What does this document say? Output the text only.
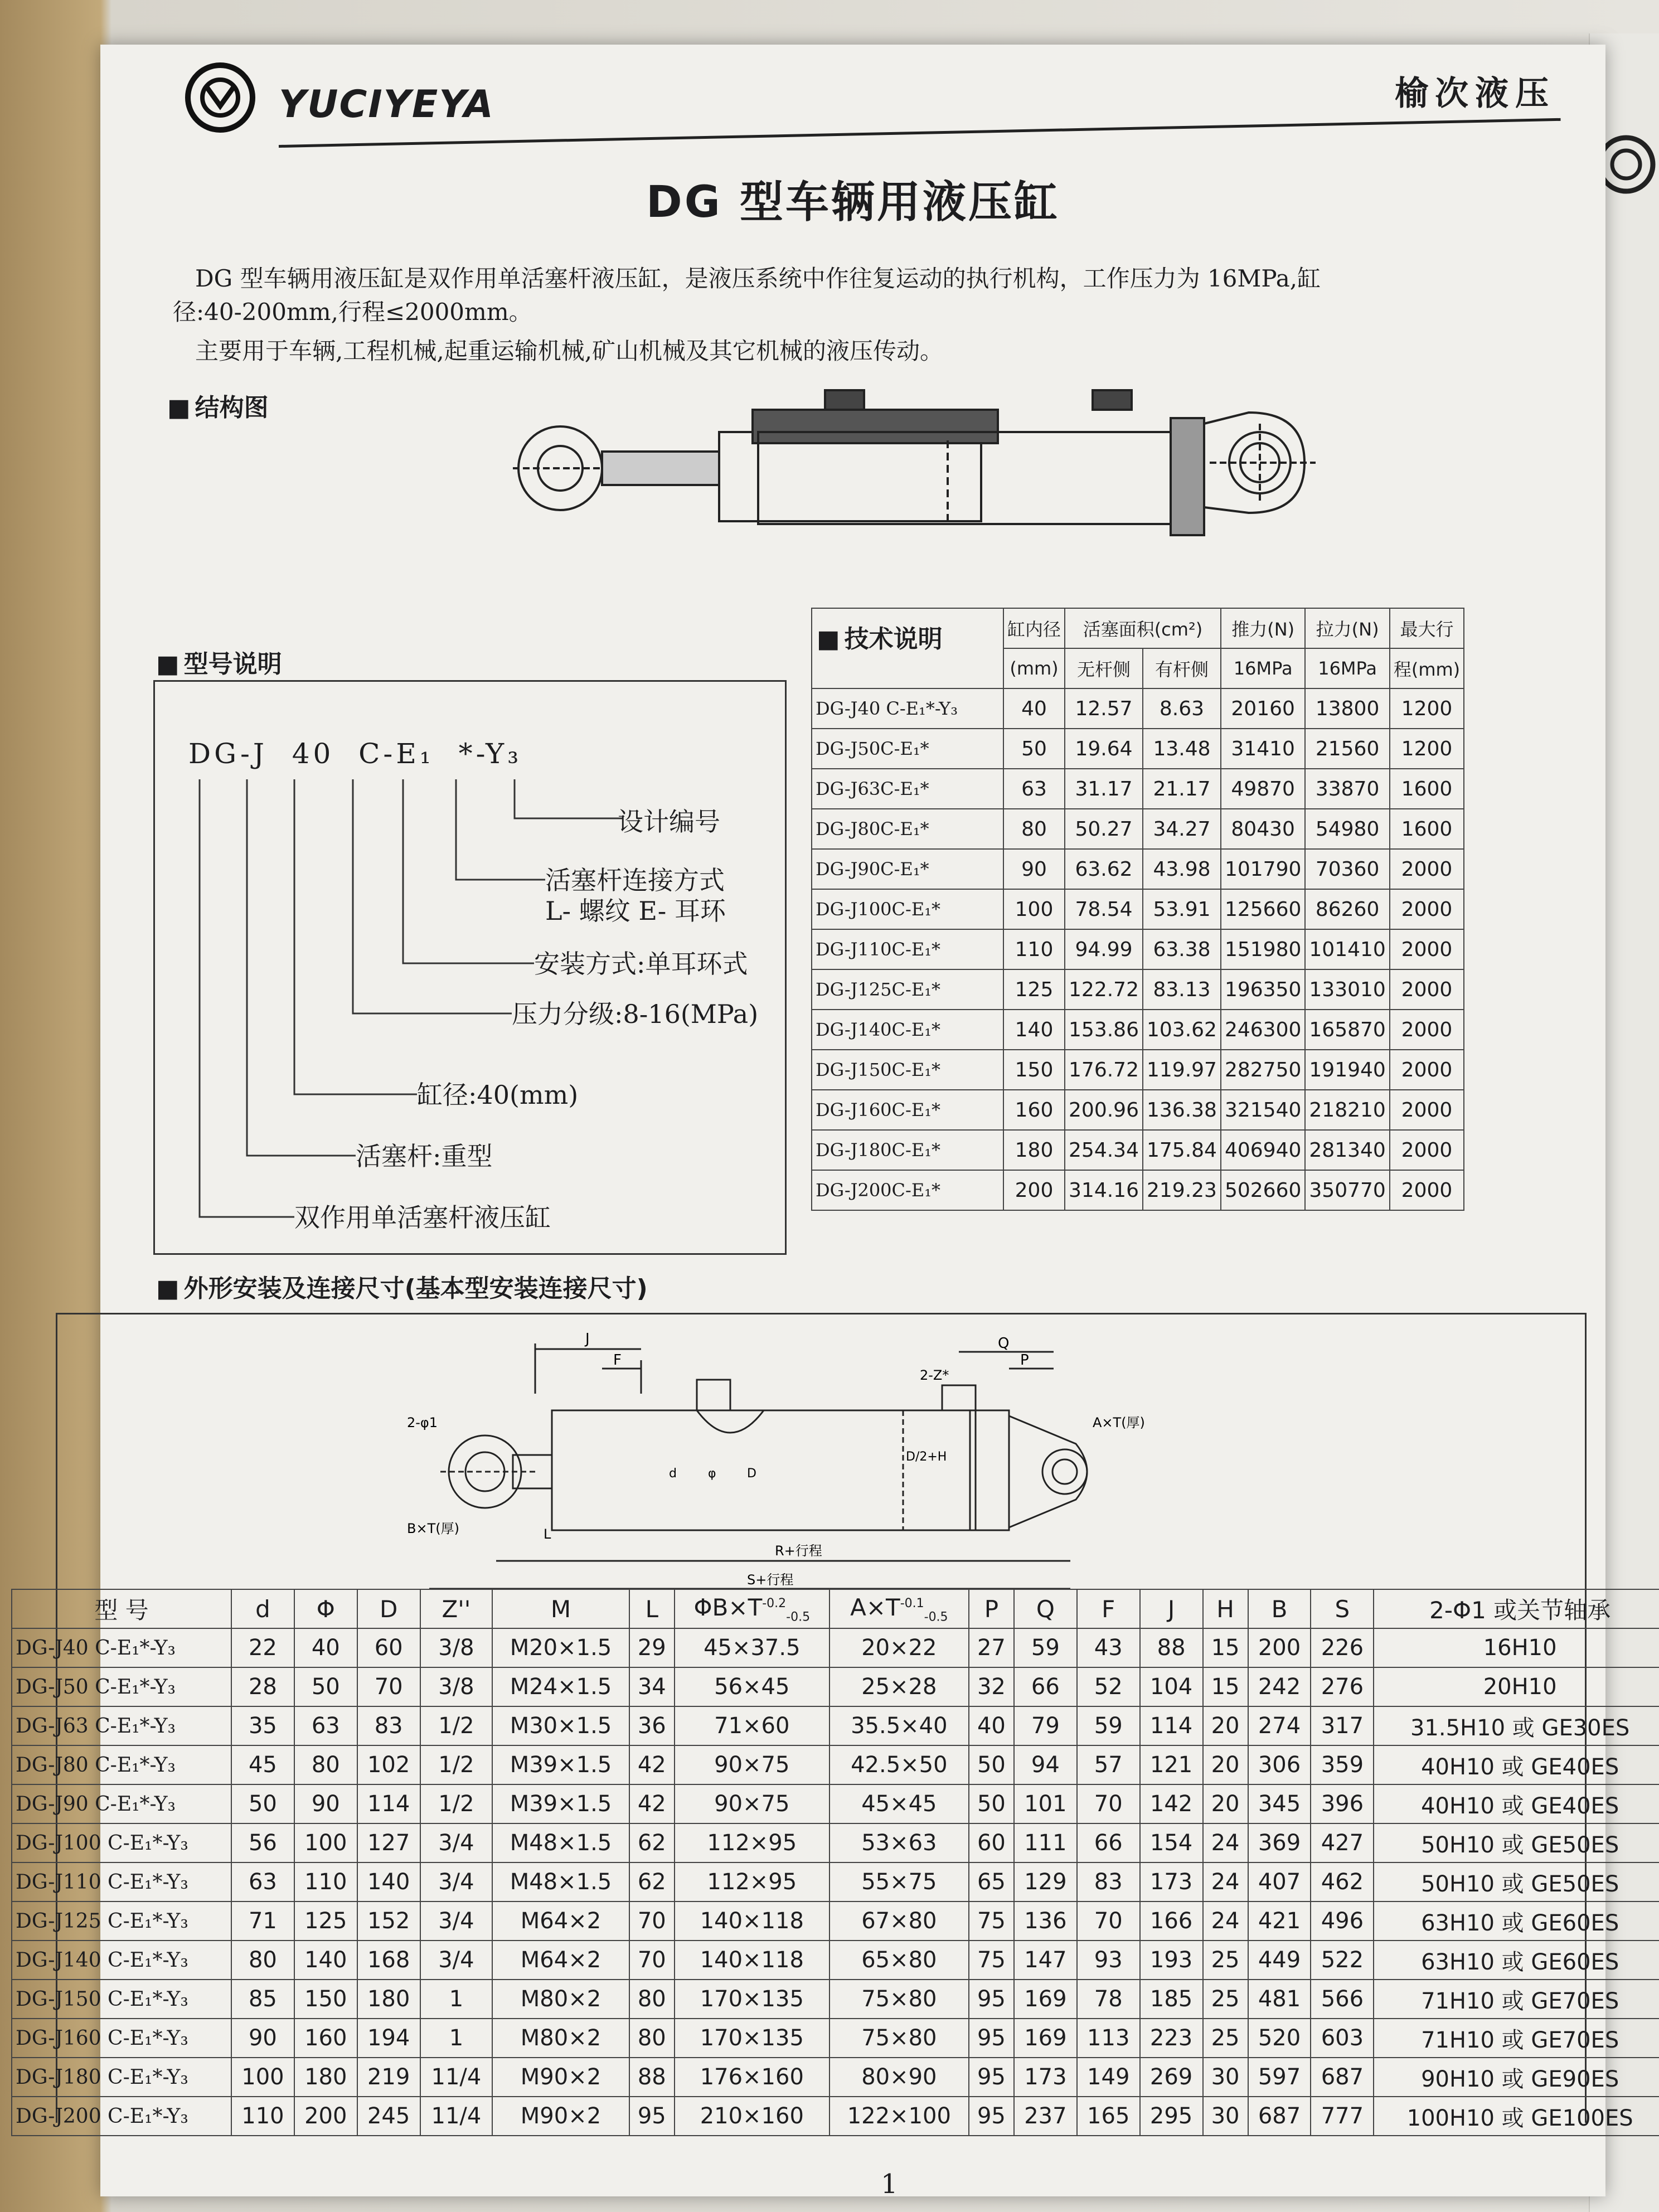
YUCIYEYA	榆次液压
DG 型车辆用液压缸
DG 型车辆用液压缸是双作用单活塞杆液压缸，是液压系统中作往复运动的执行机构，工作压力为 16MPa,缸
径:40-200mm,行程≤2000mm。
主要用于车辆,工程机械,起重运输机械,矿山机械及其它机械的液压传动。
■ 结构图
■ 型号说明
DG-J 40 C-E₁ *-Y₃
设计编号
活塞杆连接方式
L- 螺纹 E- 耳环
安装方式:单耳环式
压力分级:8-16(MPa)
缸径:40(mm)
活塞杆:重型
双作用单活塞杆液压缸
■ 技术说明
		缸内径	活塞面积(cm²)		推力(N)	拉力(N)	最大行
	(mm)	无杆侧	有杆侧	16MPa	16MPa	程(mm)
DG-J40 C-E₁*-Y₃	40	12.57	8.63	20160	13800	1200
DG-J50C-E₁*	50	19.64	13.48	31410	21560	1200
DG-J63C-E₁*	63	31.17	21.17	49870	33870	1600
DG-J80C-E₁*	80	50.27	34.27	80430	54980	1600
DG-J90C-E₁*	90	63.62	43.98	101790	70360	2000
DG-J100C-E₁*	100	78.54	53.91	125660	86260	2000
DG-J110C-E₁*	110	94.99	63.38	151980	101410	2000
DG-J125C-E₁*	125	122.72	83.13	196350	133010	2000
DG-J140C-E₁*	140	153.86	103.62	246300	165870	2000
DG-J150C-E₁*	150	176.72	119.97	282750	191940	2000
DG-J160C-E₁*	160	200.96	136.38	321540	218210	2000
DG-J180C-E₁*	180	254.34	175.84	406940	281340	2000
DG-J200C-E₁*	200	314.16	219.23	502660	350770	2000
■ 外形安装及连接尺寸(基本型安装连接尺寸)
J
F
Q
P
2-Z*
2-φ1	A×T(厚)
B×T(厚)	L
R+行程
S+行程
D/2+H
d	φ	D
型 号	d	Φ	D	Z''	M	L	$\Phi B\times T^{-0.2}_{-0.5}$	$A\times T^{-0.1}_{-0.5}$	P	Q	F	J	H	B	S	2-Φ1 或关节轴承
DG-J40 C-E₁*-Y₃	22	40	60	3/8	M20×1.5	29	45×37.5	20×22	27	59	43	88	15	200	226	16H10
DG-J50 C-E₁*-Y₃	28	50	70	3/8	M24×1.5	34	56×45	25×28	32	66	52	104	15	242	276	20H10
DG-J63 C-E₁*-Y₃	35	63	83	1/2	M30×1.5	36	71×60	35.5×40	40	79	59	114	20	274	317	31.5H10 或 GE30ES
DG-J80 C-E₁*-Y₃	45	80	102	1/2	M39×1.5	42	90×75	42.5×50	50	94	57	121	20	306	359	40H10 或 GE40ES
DG-J90 C-E₁*-Y₃	50	90	114	1/2	M39×1.5	42	90×75	45×45	50	101	70	142	20	345	396	40H10 或 GE40ES
DG-J100 C-E₁*-Y₃	56	100	127	3/4	M48×1.5	62	112×95	53×63	60	111	66	154	24	369	427	50H10 或 GE50ES
DG-J110 C-E₁*-Y₃	63	110	140	3/4	M48×1.5	62	112×95	55×75	65	129	83	173	24	407	462	50H10 或 GE50ES
DG-J125 C-E₁*-Y₃	71	125	152	3/4	M64×2	70	140×118	67×80	75	136	70	166	24	421	496	63H10 或 GE60ES
DG-J140 C-E₁*-Y₃	80	140	168	3/4	M64×2	70	140×118	65×80	75	147	93	193	25	449	522	63H10 或 GE60ES
DG-J150 C-E₁*-Y₃	85	150	180	1	M80×2	80	170×135	75×80	95	169	78	185	25	481	566	71H10 或 GE70ES
DG-J160 C-E₁*-Y₃	90	160	194	1	M80×2	80	170×135	75×80	95	169	113	223	25	520	603	71H10 或 GE70ES
DG-J180 C-E₁*-Y₃	100	180	219	11/4	M90×2	88	176×160	80×90	95	173	149	269	30	597	687	90H10 或 GE90ES
DG-J200 C-E₁*-Y₃	110	200	245	11/4	M90×2	95	210×160	122×100	95	237	165	295	30	687	777	100H10 或 GE100ES
1
